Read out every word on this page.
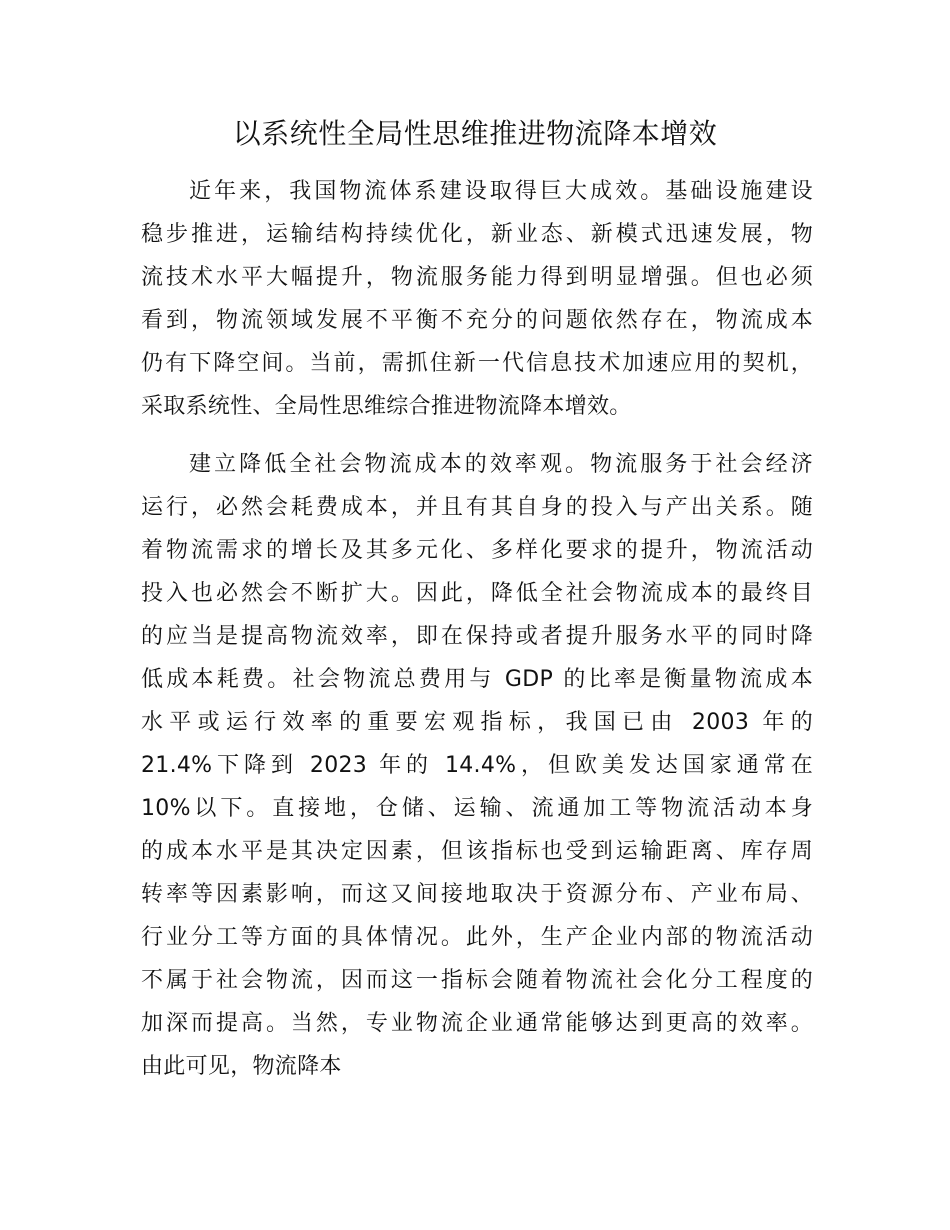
以系统性全局性思维推进物流降本增效
近年来，我国物流体系建设取得巨大成效。基础设施建设
稳步推进，运输结构持续优化，新业态、新模式迅速发展，物
流技术水平大幅提升，物流服务能力得到明显增强。但也必须
看到，物流领域发展不平衡不充分的问题依然存在，物流成本
仍有下降空间。当前，需抓住新一代信息技术加速应用的契机，
采取系统性、全局性思维综合推进物流降本增效。
建立降低全社会物流成本的效率观。物流服务于社会经济
运行，必然会耗费成本，并且有其自身的投入与产出关系。随
着物流需求的增长及其多元化、多样化要求的提升，物流活动
投入也必然会不断扩大。因此，降低全社会物流成本的最终目
的应当是提高物流效率，即在保持或者提升服务水平的同时降
低成本耗费。社会物流总费用与 GDP 的比率是衡量物流成本
水平或运行效率的重要宏观指标，我国已由 2003 年的
21.4%下降到 2023 年的 14.4%，但欧美发达国家通常在
10%以下。直接地，仓储、运输、流通加工等物流活动本身
的成本水平是其决定因素，但该指标也受到运输距离、库存周
转率等因素影响，而这又间接地取决于资源分布、产业布局、
行业分工等方面的具体情况。此外，生产企业内部的物流活动
不属于社会物流，因而这一指标会随着物流社会化分工程度的
加深而提高。当然，专业物流企业通常能够达到更高的效率。
由此可见，物流降本
